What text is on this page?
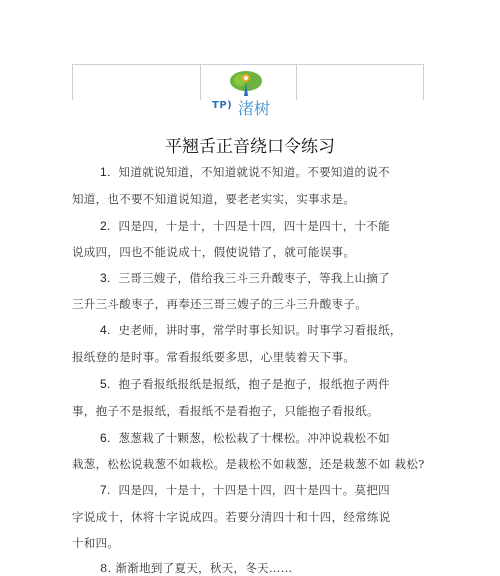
TP) 渚树
平翘舌正音绕口令练习
1. 知道就说知道，不知道就说不知道。不要知道的说不
知道，也不要不知道说知道，要老老实实，实事求是。
2. 四是四，十是十，十四是十四，四十是四十，十不能
说成四，四也不能说成十，假使说错了，就可能误事。
3. 三哥三嫂子，借给我三斗三升酸枣子，等我上山摘了
三升三斗酸枣子，再奉还三哥三嫂子的三斗三升酸枣子。
4. 史老师，讲时事，常学时事长知识。时事学习看报纸，
报纸登的是时事。常看报纸要多思，心里装着天下事。
5. 抱子看报纸报纸是报纸，抱子是抱子，报纸抱子两件
事，抱子不是报纸，看报纸不是看抱子，只能抱子看报纸。
6. 葱葱栽了十颗葱，松松栽了十棵松。冲冲说栽松不如
栽葱，松松说栽葱不如栽松。是栽松不如栽葱，还是栽葱不如 栽松?
7. 四是四，十是十，十四是十四，四十是四十。莫把四
字说成十，休将十字说成四。若要分清四十和十四，经常练说
十和四。
8. 渐渐地到了夏天，秋天，冬天……
